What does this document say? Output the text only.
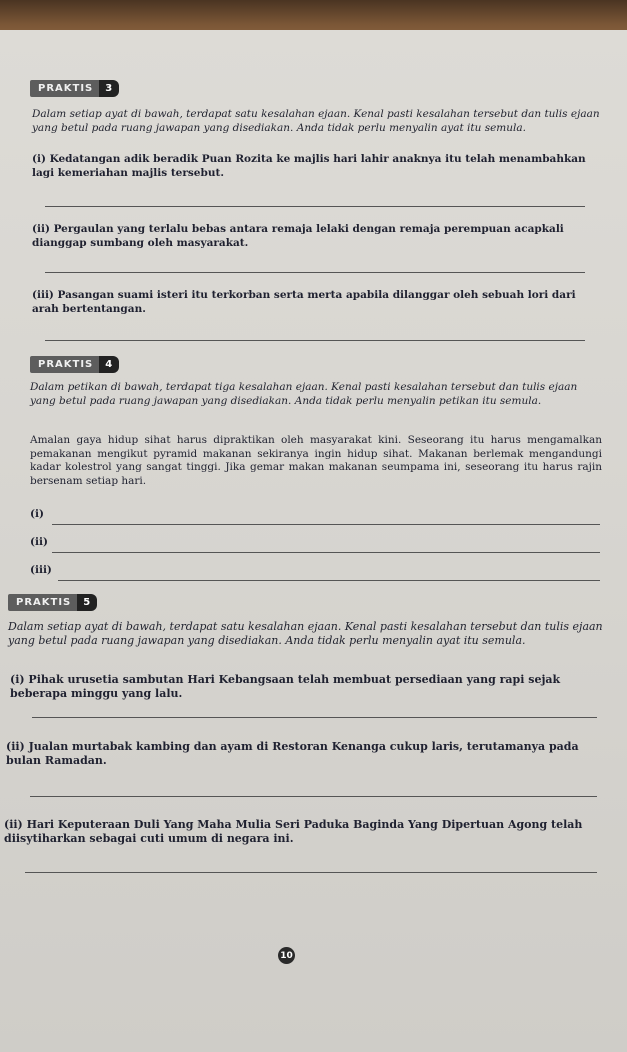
PRAKTIS	3
Dalam setiap ayat di bawah, terdapat satu kesalahan ejaan. Kenal pasti kesalahan tersebut dan tulis ejaan yang betul pada ruang jawapan yang disediakan. Anda tidak perlu menyalin ayat itu semula.
(i) Kedatangan adik beradik Puan Rozita ke majlis hari lahir anaknya itu telah menambahkan lagi kemeriahan majlis tersebut.
(ii) Pergaulan yang terlalu bebas antara remaja lelaki dengan remaja perempuan acapkali dianggap sumbang oleh masyarakat.
(iii) Pasangan suami isteri itu terkorban serta merta apabila dilanggar oleh sebuah lori dari arah bertentangan.
PRAKTIS	4
Dalam petikan di bawah, terdapat tiga kesalahan ejaan. Kenal pasti kesalahan tersebut dan tulis ejaan yang betul pada ruang jawapan yang disediakan. Anda tidak perlu menyalin petikan itu semula.
Amalan gaya hidup sihat harus dipraktikan oleh masyarakat kini. Seseorang itu harus mengamalkan pemakanan mengikut pyramid makanan sekiranya ingin hidup sihat. Makanan berlemak mengandungi kadar kolestrol yang sangat tinggi. Jika gemar makan makanan seumpama ini, seseorang itu harus rajin bersenam setiap hari.
(i)
(ii)
(iii)
PRAKTIS	5
Dalam setiap ayat di bawah, terdapat satu kesalahan ejaan. Kenal pasti kesalahan tersebut dan tulis ejaan yang betul pada ruang jawapan yang disediakan. Anda tidak perlu menyalin ayat itu semula.
(i) Pihak urusetia sambutan Hari Kebangsaan telah membuat persediaan yang rapi sejak beberapa minggu yang lalu.
(ii) Jualan murtabak kambing dan ayam di Restoran Kenanga cukup laris, terutamanya pada bulan Ramadan.
(ii) Hari Keputeraan Duli Yang Maha Mulia Seri Paduka Baginda Yang Dipertuan Agong telah diisytiharkan sebagai cuti umum di negara ini.
10
